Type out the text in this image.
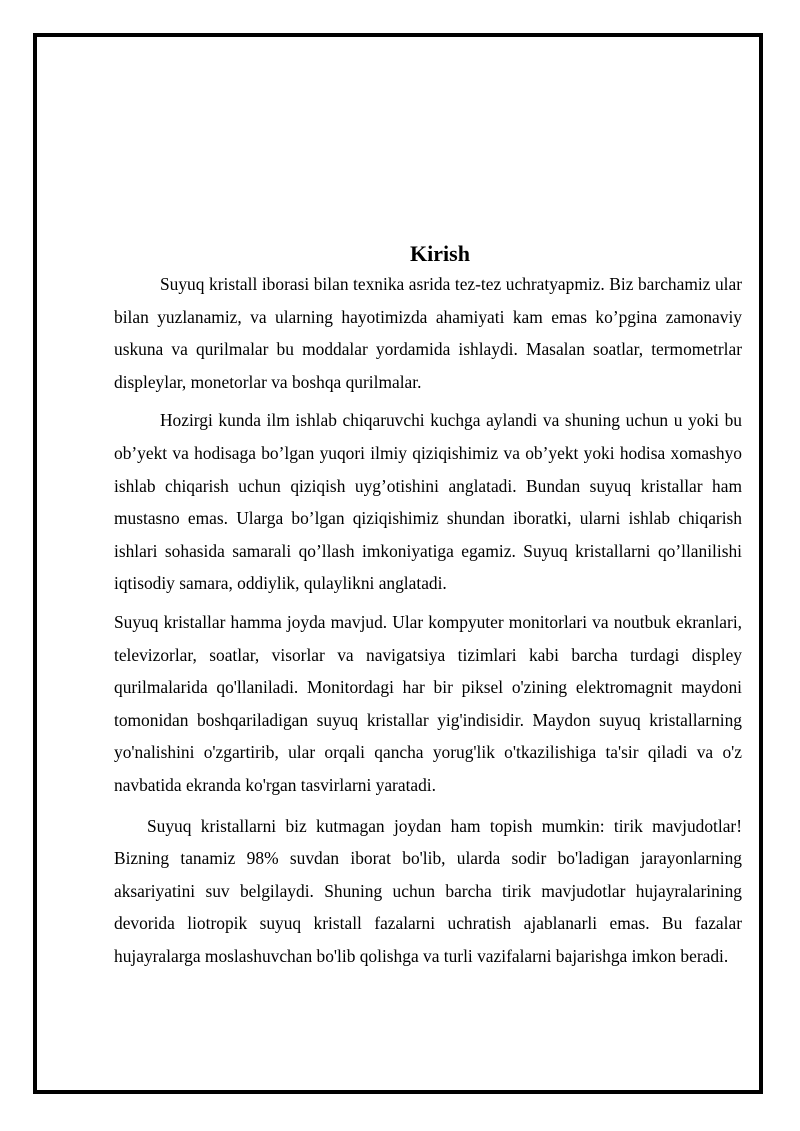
Kirish

Suyuq kristall iborasi bilan texnika asrida tez-tez uchratyapmiz. Biz barchamiz ular bilan yuzlanamiz, va ularning hayotimizda ahamiyati kam emas ko’pgina zamonaviy uskuna va qurilmalar bu moddalar yordamida ishlaydi. Masalan soatlar, termometrlar displeylar, monetorlar va boshqa qurilmalar.

Hozirgi kunda ilm ishlab chiqaruvchi kuchga aylandi va shuning uchun u yoki bu ob’yekt va hodisaga bo’lgan yuqori ilmiy qiziqishimiz va ob’yekt yoki hodisa xomashyo ishlab chiqarish uchun qiziqish uyg’otishini anglatadi. Bundan suyuq kristallar ham mustasno emas. Ularga bo’lgan qiziqishimiz shundan iboratki, ularni ishlab chiqarish ishlari sohasida samarali qo’llash imkoniyatiga egamiz. Suyuq kristallarni qo’llanilishi iqtisodiy samara, oddiylik, qulaylikni anglatadi.

Suyuq kristallar hamma joyda mavjud. Ular kompyuter monitorlari va noutbuk ekranlari, televizorlar, soatlar, visorlar va navigatsiya tizimlari kabi barcha turdagi displey qurilmalarida qo'llaniladi. Monitordagi har bir piksel o'zining elektromagnit maydoni tomonidan boshqariladigan suyuq kristallar yig'indisidir. Maydon suyuq kristallarning yo'nalishini o'zgartirib, ular orqali qancha yorug'lik o'tkazilishiga ta'sir qiladi va o'z navbatida ekranda ko'rgan tasvirlarni yaratadi.

Suyuq kristallarni biz kutmagan joydan ham topish mumkin: tirik mavjudotlar! Bizning tanamiz 98% suvdan iborat bo'lib, ularda sodir bo'ladigan jarayonlarning aksariyatini suv belgilaydi. Shuning uchun barcha tirik mavjudotlar hujayralarining devorida liotropik suyuq kristall fazalarni uchratish ajablanarli emas. Bu fazalar hujayralarga moslashuvchan bo'lib qolishga va turli vazifalarni bajarishga imkon beradi.
